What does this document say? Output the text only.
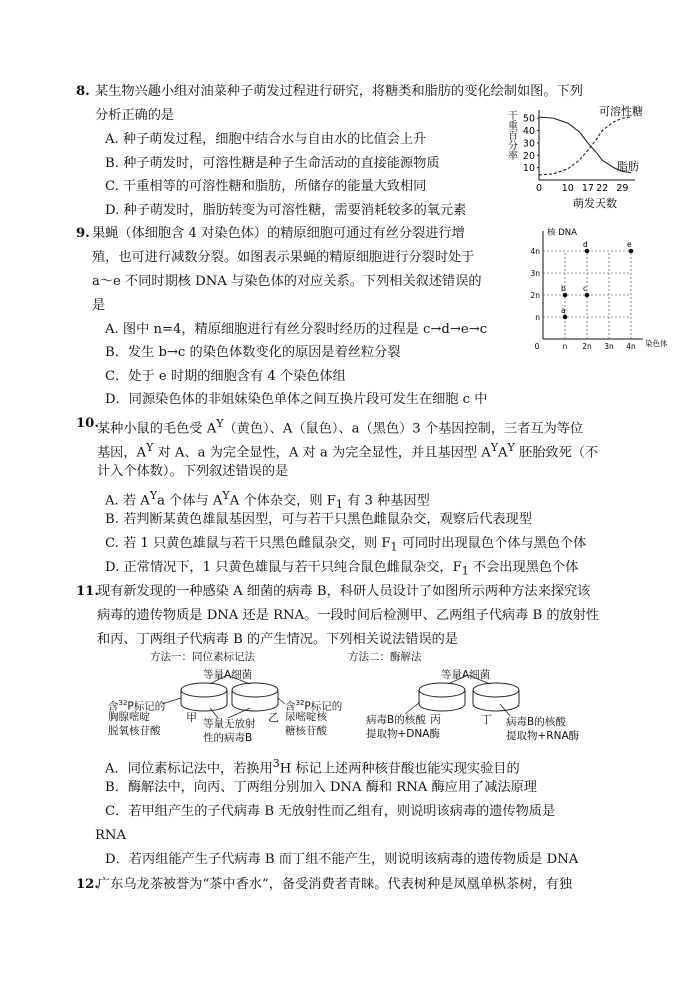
8. 某生物兴趣小组对油菜种子萌发过程进行研究，将糖类和脂肪的变化绘制如图。下列
分析正确的是
A. 种子萌发过程，细胞中结合水与自由水的比值会上升
B. 种子萌发时，可溶性糖是种子生命活动的直接能源物质
C. 干重相等的可溶性糖和脂肪，所储存的能量大致相同
D. 种子萌发时，脂肪转变为可溶性糖，需要消耗较多的氧元素
干重百分率
10
20
30
40
50
0 10 17 22 29
萌发天数
可溶性糖
脂肪
9. 果蝇（体细胞含 4 对染色体）的精原细胞可通过有丝分裂进行增
殖，也可进行减数分裂。如图表示果蝇的精原细胞进行分裂时处于
a～e 不同时期核 DNA 与染色体的对应关系。下列相关叙述错误的
是
A. 图中 n=4，精原细胞进行有丝分裂时经历的过程是 c→d→e→c
B．发生 b→c 的染色体数变化的原因是着丝粒分裂
C．处于 e 时期的细胞含有 4 个染色体组
D．同源染色体的非姐妹染色单体之间互换片段可发生在细胞 c 中
核 DNA
染色体
0	n 2n 3n 4n
n
2n
3n
4n
a
b c
d	e
10.
某种小鼠的毛色受 $A^Y$（黄色）、A（鼠色）、a（黑色）3 个基因控制，三者互为等位
基因，$A^Y$ 对 A、a 为完全显性，A 对 a 为完全显性，并且基因型 $A^YA^Y$ 胚胎致死（不
计入个体数）。下列叙述错误的是
A. 若 $A^Ya$ 个体与 $A^YA$ 个体杂交，则 $F_1$ 有 3 种基因型
B. 若判断某黄色雄鼠基因型，可与若干只黑色雌鼠杂交，观察后代表现型
C. 若 1 只黄色雄鼠与若干只黑色雌鼠杂交，则 $F_1$ 可同时出现鼠色个体与黑色个体
D. 正常情况下，1 只黄色雄鼠与若干只纯合鼠色雌鼠杂交，$F_1$ 不会出现黑色个体
11.
现有新发现的一种感染 A 细菌的病毒 B，科研人员设计了如图所示两种方法来探究该
病毒的遗传物质是 DNA 还是 RNA。一段时间后检测甲、乙两组子代病毒 B 的放射性
和丙、丁两组子代病毒 B 的产生情况。下列相关说法错误的是
方法一：同位素标记法	方法二：酶解法
等量A细菌	等量A细菌
含$^{32}$P标记的
胸腺嘧啶
脱氧核苷酸
甲	乙
含$^{32}$P标记的
尿嘧啶核
糖核苷酸
等量无放射
性的病毒B
病毒B的核酸
提取物+DNA酶
丙	丁 病毒B的核酸
提取物+RNA酶
A．同位素标记法中，若换用$^3$H 标记上述两种核苷酸也能实现实验目的
B．酶解法中，向丙、丁两组分别加入 DNA 酶和 RNA 酶应用了减法原理
C．若甲组产生的子代病毒 B 无放射性而乙组有，则说明该病毒的遗传物质是
RNA
D．若丙组能产生子代病毒 B 而丁组不能产生，则说明该病毒的遗传物质是 DNA
12.
广东乌龙茶被誉为“茶中香水”，备受消费者青睐。代表树种是凤凰单枞茶树，有独
